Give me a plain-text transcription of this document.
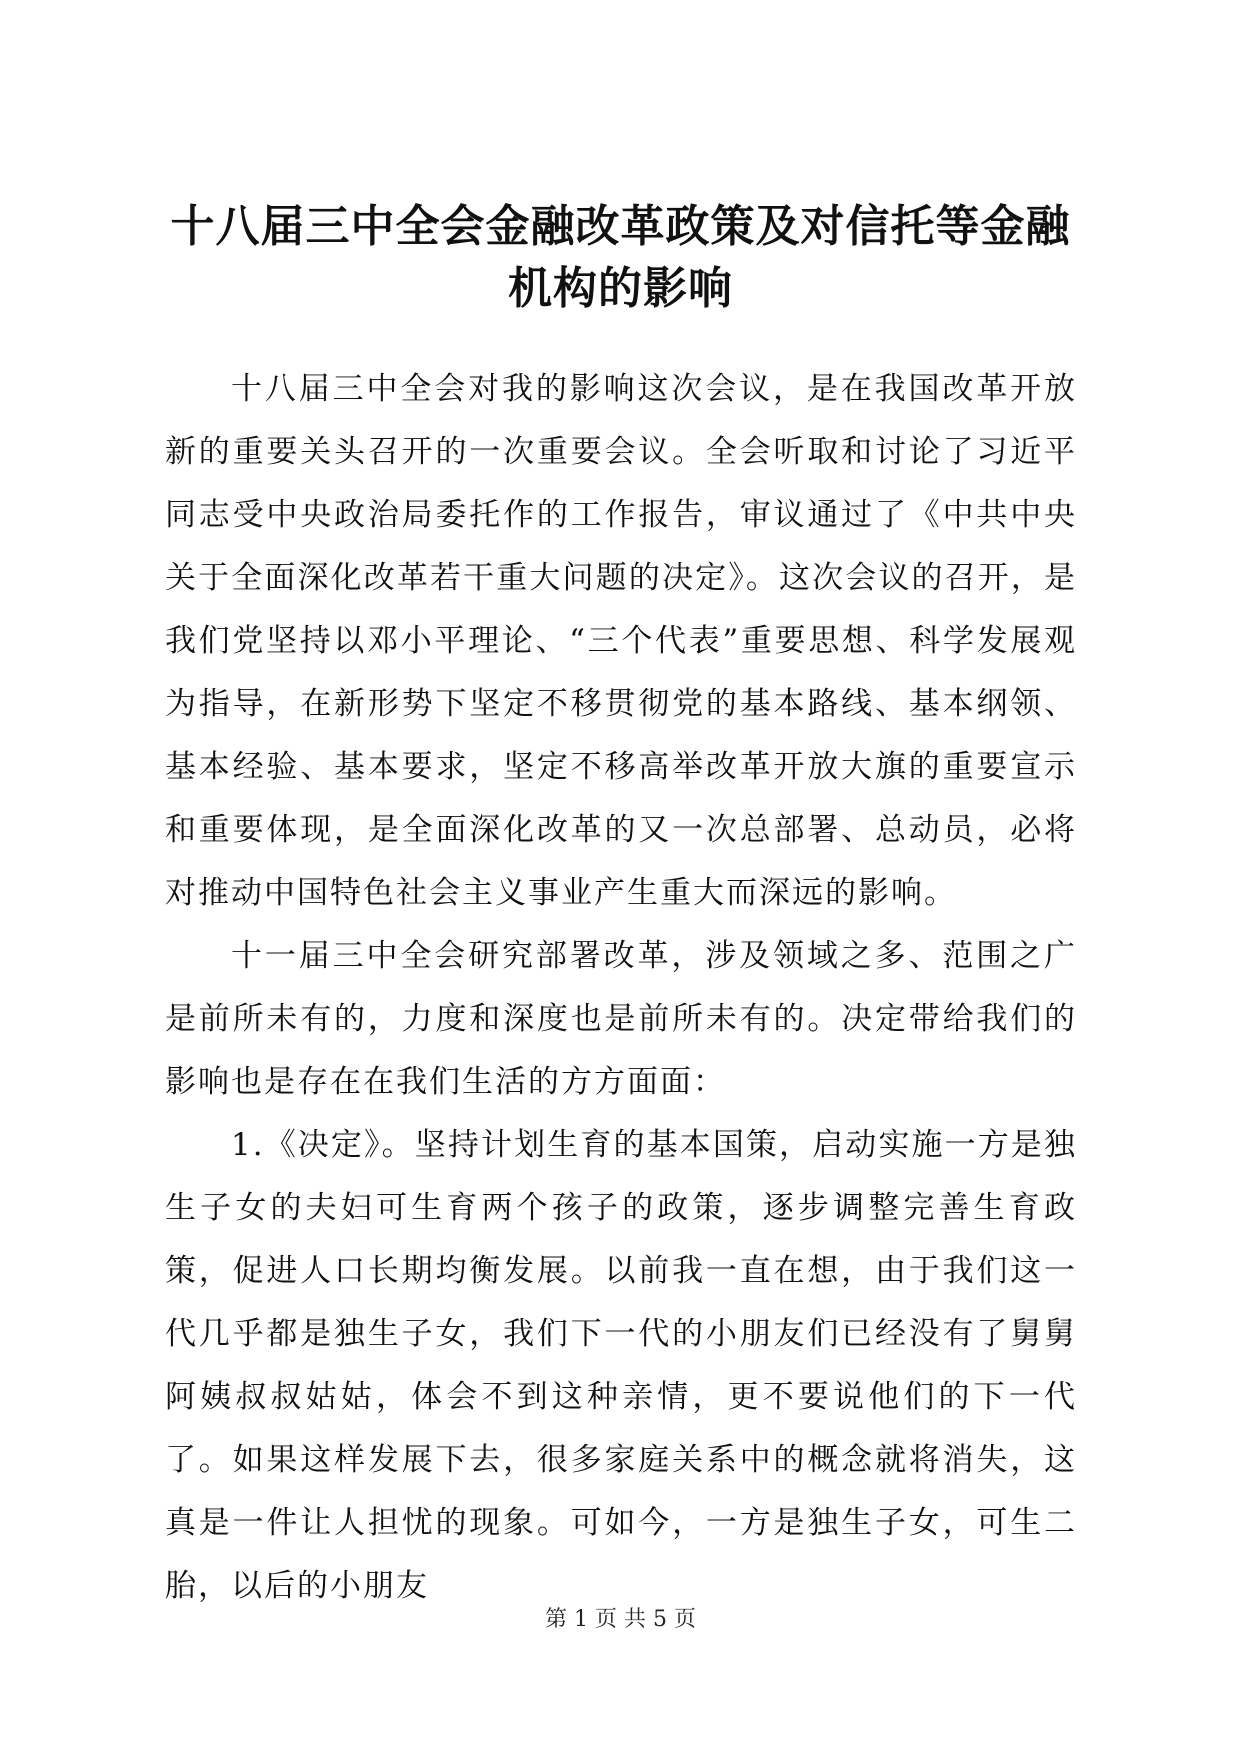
十八届三中全会金融改革政策及对信托等金融机构的影响

十八届三中全会对我的影响这次会议，是在我国改革开放新的重要关头召开的一次重要会议。全会听取和讨论了习近平同志受中央政治局委托作的工作报告，审议通过了《中共中央关于全面深化改革若干重大问题的决定》。这次会议的召开，是我们党坚持以邓小平理论、“三个代表”重要思想、科学发展观为指导，在新形势下坚定不移贯彻党的基本路线、基本纲领、基本经验、基本要求，坚定不移高举改革开放大旗的重要宣示和重要体现，是全面深化改革的又一次总部署、总动员，必将对推动中国特色社会主义事业产生重大而深远的影响。

十一届三中全会研究部署改革，涉及领域之多、范围之广是前所未有的，力度和深度也是前所未有的。决定带给我们的影响也是存在在我们生活的方方面面：

1.《决定》。坚持计划生育的基本国策，启动实施一方是独生子女的夫妇可生育两个孩子的政策，逐步调整完善生育政策，促进人口长期均衡发展。以前我一直在想，由于我们这一代几乎都是独生子女，我们下一代的小朋友们已经没有了舅舅阿姨叔叔姑姑，体会不到这种亲情，更不要说他们的下一代了。如果这样发展下去，很多家庭关系中的概念就将消失，这真是一件让人担忧的现象。可如今，一方是独生子女，可生二胎，以后的小朋友

第 1 页 共 5 页
